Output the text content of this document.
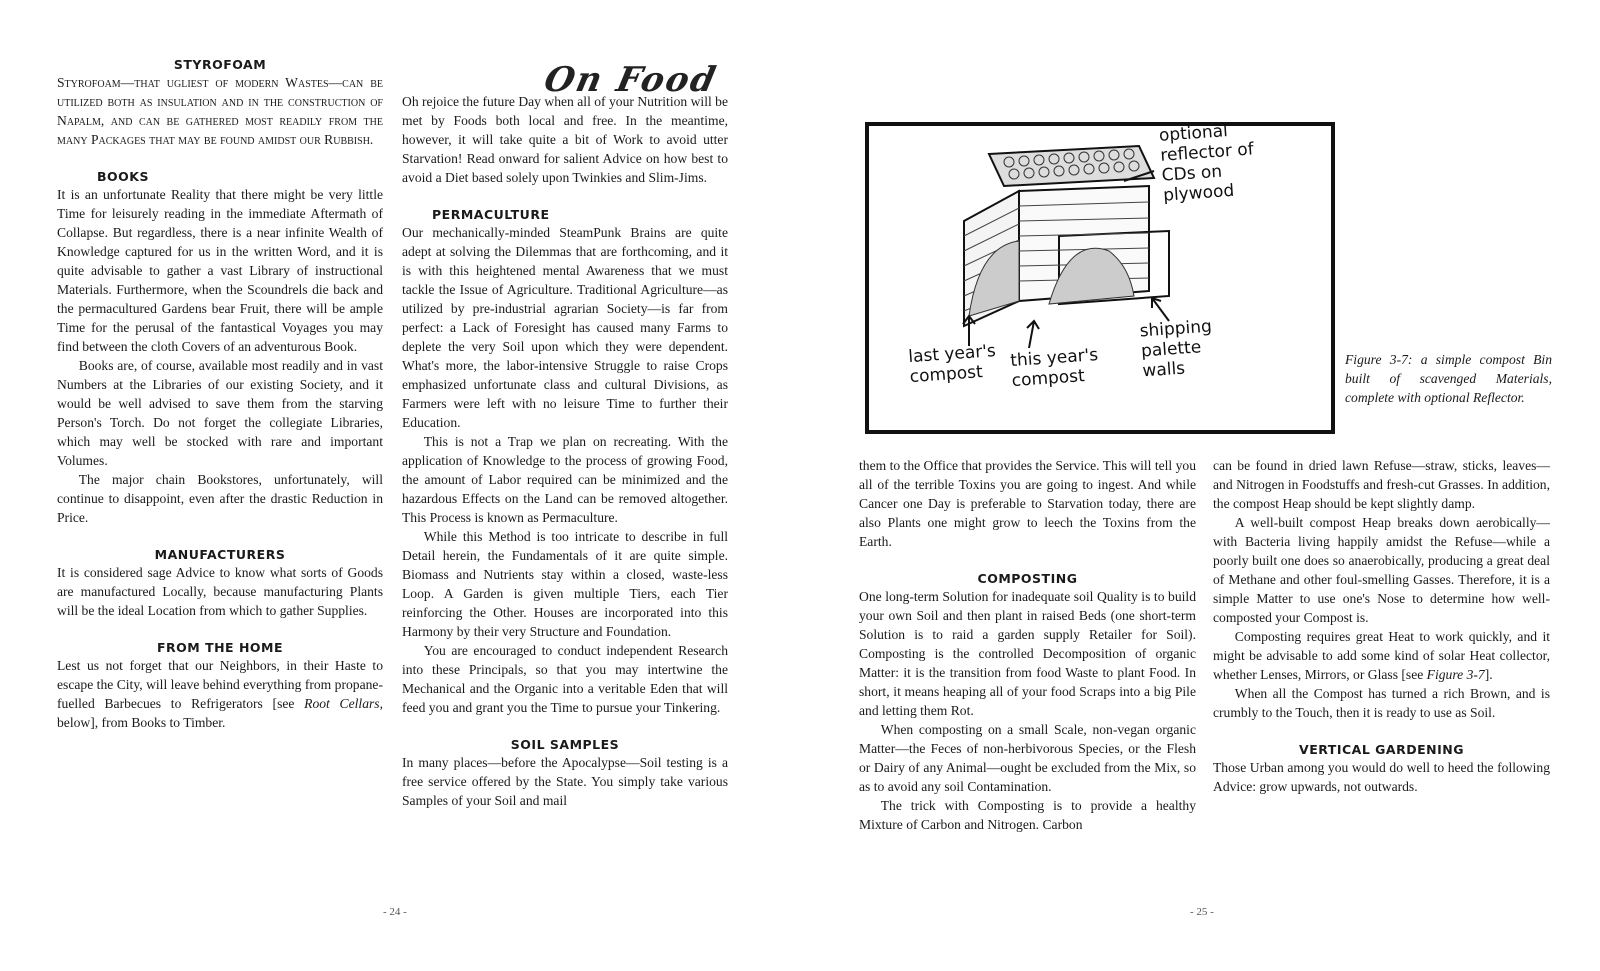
STYROFOAM

Styrofoam—that ugliest of modern Wastes—can be utilized both as insulation and in the construction of Napalm, and can be gathered most readily from the many Packages that may be found amidst our Rubbish.

BOOKS

It is an unfortunate Reality that there might be very little Time for leisurely reading in the immediate Aftermath of Collapse. But regardless, there is a near infinite Wealth of Knowledge captured for us in the written Word, and it is quite advisable to gather a vast Library of instructional Materials. Furthermore, when the Scoundrels die back and the permacultured Gardens bear Fruit, there will be ample Time for the perusal of the fantastical Voyages you may find between the cloth Covers of an adventurous Book.

Books are, of course, available most readily and in vast Numbers at the Libraries of our existing Society, and it would be well advised to save them from the starving Person's Torch. Do not forget the collegiate Libraries, which may well be stocked with rare and important Volumes.

The major chain Bookstores, unfortunately, will continue to disappoint, even after the drastic Reduction in Price.

MANUFACTURERS

It is considered sage Advice to know what sorts of Goods are manufactured Locally, because manufacturing Plants will be the ideal Location from which to gather Supplies.

FROM THE HOME

Lest us not forget that our Neighbors, in their Haste to escape the City, will leave behind everything from propane-fuelled Barbecues to Refrigerators [see Root Cellars, below], from Books to Timber.

On Food

Oh rejoice the future Day when all of your Nutrition will be met by Foods both local and free. In the meantime, however, it will take quite a bit of Work to avoid utter Starvation! Read onward for salient Advice on how best to avoid a Diet based solely upon Twinkies and Slim-Jims.

PERMACULTURE

Our mechanically-minded SteamPunk Brains are quite adept at solving the Dilemmas that are forthcoming, and it is with this heightened mental Awareness that we must tackle the Issue of Agriculture. Traditional Agriculture—as utilized by pre-industrial agrarian Society—is far from perfect: a Lack of Foresight has caused many Farms to deplete the very Soil upon which they were dependent. What's more, the labor-intensive Struggle to raise Crops emphasized unfortunate class and cultural Divisions, as Farmers were left with no leisure Time to further their Education.

This is not a Trap we plan on recreating. With the application of Knowledge to the process of growing Food, the amount of Labor required can be minimized and the hazardous Effects on the Land can be removed altogether. This Process is known as Permaculture.

While this Method is too intricate to describe in full Detail herein, the Fundamentals of it are quite simple. Biomass and Nutrients stay within a closed, waste-less Loop. A Garden is given multiple Tiers, each Tier reinforcing the Other. Houses are incorporated into this Harmony by their very Structure and Foundation.

You are encouraged to conduct independent Research into these Principals, so that you may intertwine the Mechanical and the Organic into a veritable Eden that will feed you and grant you the Time to pursue your Tinkering.

SOIL SAMPLES

In many places—before the Apocalypse—Soil testing is a free service offered by the State. You simply take various Samples of your Soil and mail

- 24 -
optional reflector of CDs on plywood
last year's compost
this year's compost
shipping palette walls	Figure 3-7: a simple compost Bin built of scavenged Materials, complete with optional Reflector.

them to the Office that provides the Service. This will tell you all of the terrible Toxins you are going to ingest. And while Cancer one Day is preferable to Starvation today, there are also Plants one might grow to leech the Toxins from the Earth.

COMPOSTING

One long-term Solution for inadequate soil Quality is to build your own Soil and then plant in raised Beds (one short-term Solution is to raid a garden supply Retailer for Soil). Composting is the controlled Decomposition of organic Matter: it is the transition from food Waste to plant Food. In short, it means heaping all of your food Scraps into a big Pile and letting them Rot.

When composting on a small Scale, non-vegan organic Matter—the Feces of non-herbivorous Species, or the Flesh or Dairy of any Animal—ought be excluded from the Mix, so as to avoid any soil Contamination.

The trick with Composting is to provide a healthy Mixture of Carbon and Nitrogen. Carbon

can be found in dried lawn Refuse—straw, sticks, leaves—and Nitrogen in Foodstuffs and fresh-cut Grasses. In addition, the compost Heap should be kept slightly damp.

A well-built compost Heap breaks down aerobically—with Bacteria living happily amidst the Refuse—while a poorly built one does so anaerobically, producing a great deal of Methane and other foul-smelling Gasses. Therefore, it is a simple Matter to use one's Nose to determine how well-composted your Compost is.

Composting requires great Heat to work quickly, and it might be advisable to add some kind of solar Heat collector, whether Lenses, Mirrors, or Glass [see Figure 3-7].

When all the Compost has turned a rich Brown, and is crumbly to the Touch, then it is ready to use as Soil.

VERTICAL GARDENING

Those Urban among you would do well to heed the following Advice: grow upwards, not outwards.

- 25 -
